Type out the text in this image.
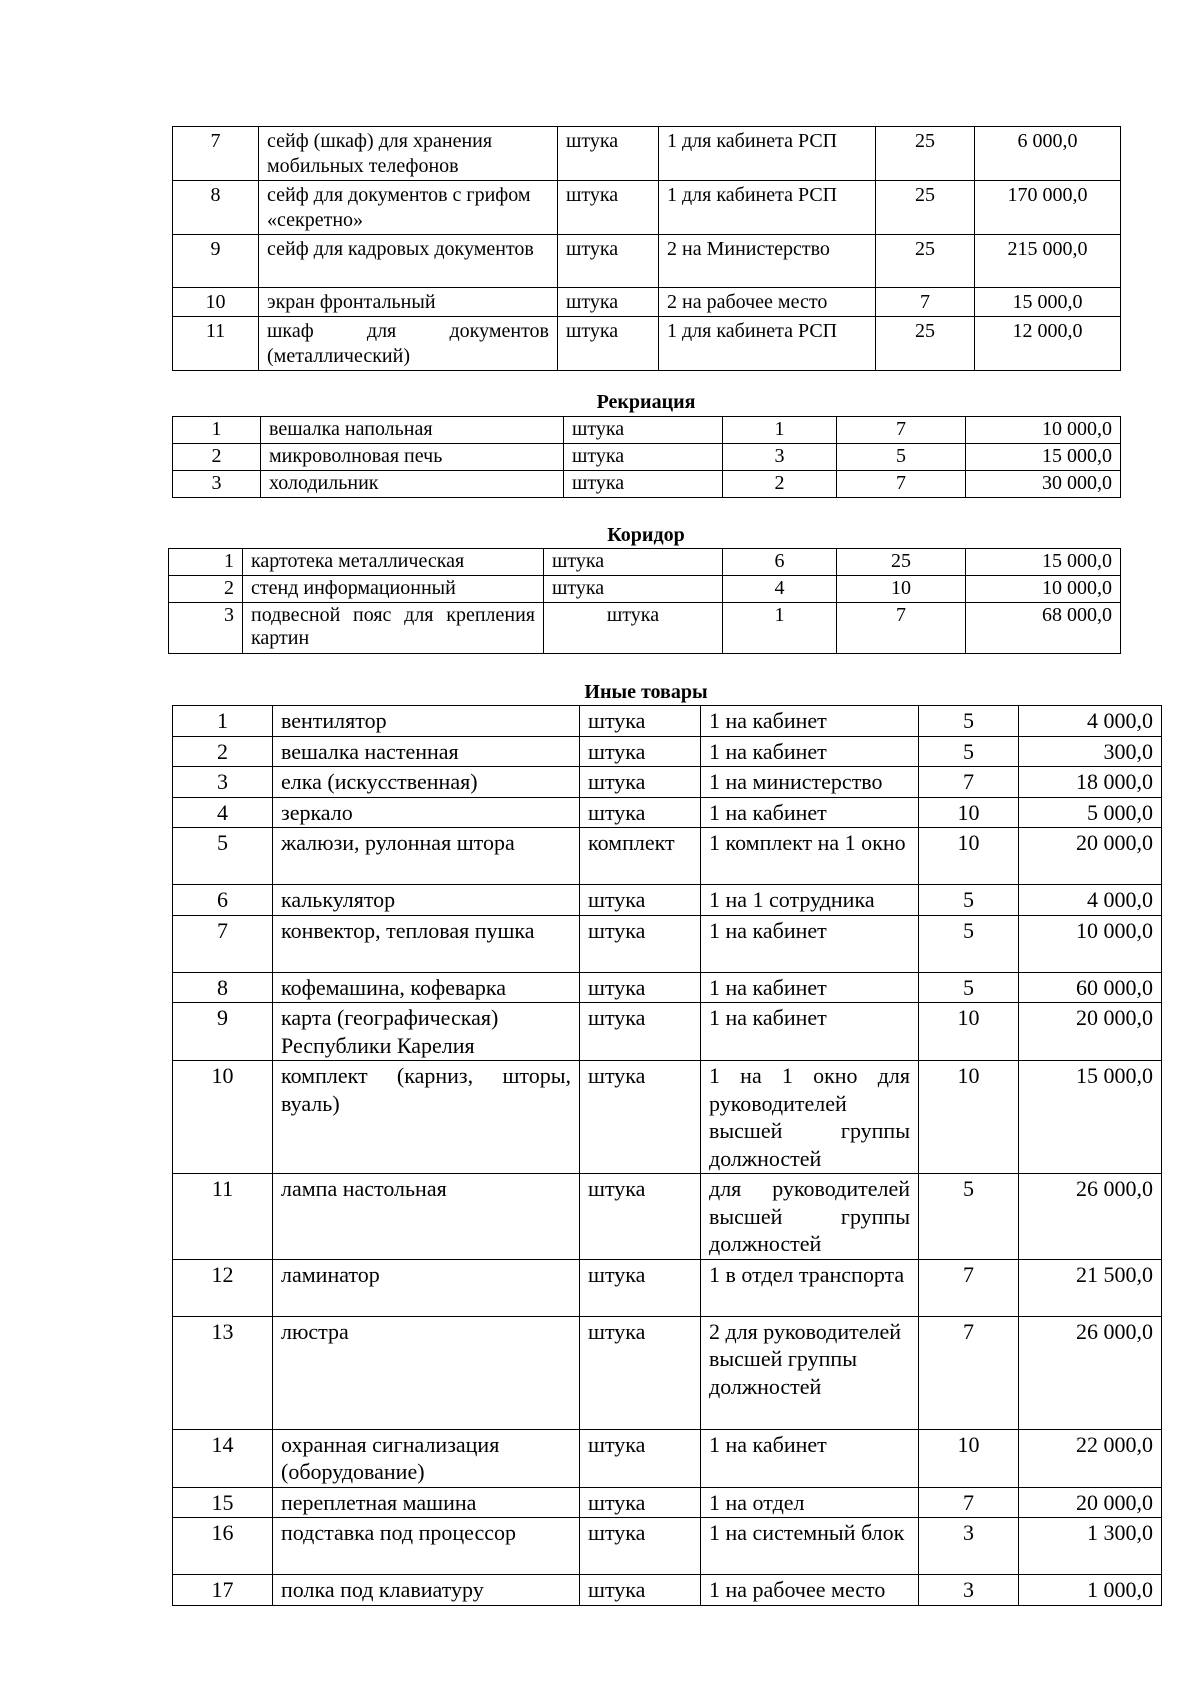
7	сейф (шкаф) для хранения мобильных телефонов	штука	1 для кабинета РСП	25	6 000,0
8	сейф для документов с грифом «секретно»	штука	1 для кабинета РСП	25	170 000,0
9	сейф для кадровых документов	штука	2 на Министерство	25	215 000,0
10	экран фронтальный	штука	2 на рабочее место	7	15 000,0
11	шкаф для документов (металлический)	штука	1 для кабинета РСП	25	12 000,0
Рекриация
1	вешалка напольная	штука	1	7	10 000,0
2	микроволновая печь	штука	3	5	15 000,0
3	холодильник	штука	2	7	30 000,0
Коридор
1	картотека металлическая	штука	6	25	15 000,0
2	стенд информационный	штука	4	10	10 000,0
3	подвесной пояс для крепления картин	штука	1	7	68 000,0
Иные товары
1	вентилятор	штука	1 на кабинет	5	4 000,0
2	вешалка настенная	штука	1 на кабинет	5	300,0
3	елка (искусственная)	штука	1 на министерство	7	18 000,0
4	зеркало	штука	1 на кабинет	10	5 000,0
5	жалюзи, рулонная штора	комплект	1 комплект на 1 окно	10	20 000,0
6	калькулятор	штука	1 на 1 сотрудника	5	4 000,0
7	конвектор, тепловая пушка	штука	1 на кабинет	5	10 000,0
8	кофемашина, кофеварка	штука	1 на кабинет	5	60 000,0
9	карта (географическая) Республики Карелия	штука	1 на кабинет	10	20 000,0
10	комплект (карниз, шторы, вуаль)	штука	1 на 1 окно для руководителей высшей группы должностей	10	15 000,0
11	лампа настольная	штука	для руководителей высшей группы должностей	5	26 000,0
12	ламинатор	штука	1 в отдел транспорта	7	21 500,0
13	люстра	штука	2 для руководителей высшей группы должностей	7	26 000,0
14	охранная сигнализация (оборудование)	штука	1 на кабинет	10	22 000,0
15	переплетная машина	штука	1 на отдел	7	20 000,0
16	подставка под процессор	штука	1 на системный блок	3	1 300,0
17	полка под клавиатуру	штука	1 на рабочее место	3	1 000,0
